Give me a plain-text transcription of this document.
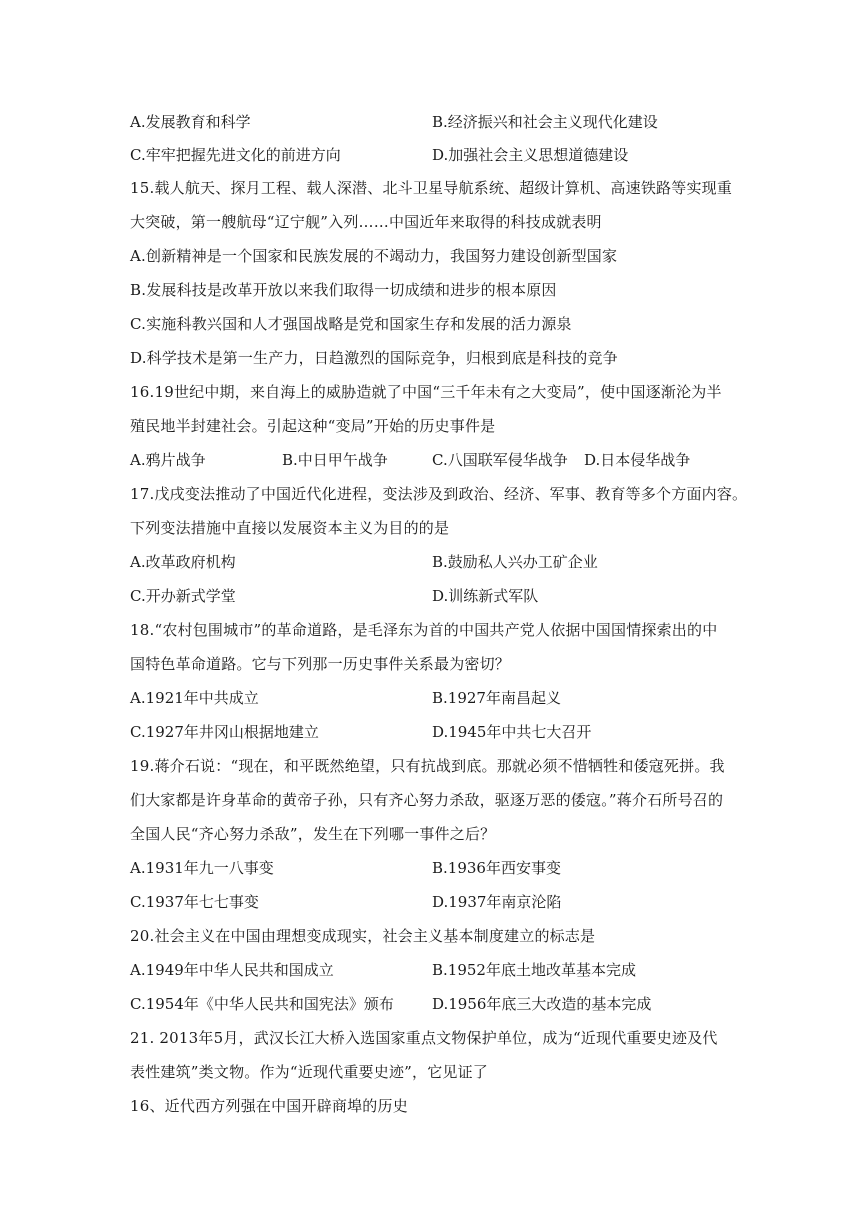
A.发展教育和科学	B.经济振兴和社会主义现代化建设
C.牢牢把握先进文化的前进方向	D.加强社会主义思想道德建设
15.载人航天、探月工程、载人深潜、北斗卫星导航系统、超级计算机、高速铁路等实现重
大突破，第一艘航母“辽宁舰”入列……中国近年来取得的科技成就表明
A.创新精神是一个国家和民族发展的不竭动力，我国努力建设创新型国家
B.发展科技是改革开放以来我们取得一切成绩和进步的根本原因
C.实施科教兴国和人才强国战略是党和国家生存和发展的活力源泉
D.科学技术是第一生产力，日趋激烈的国际竞争，归根到底是科技的竞争
16.19世纪中期，来自海上的威胁造就了中国“三千年未有之大变局”，使中国逐渐沦为半
殖民地半封建社会。引起这种“变局”开始的历史事件是
A.鸦片战争	B.中日甲午战争	C.八国联军侵华战争 D.日本侵华战争
17.戊戌变法推动了中国近代化进程，变法涉及到政治、经济、军事、教育等多个方面内容。
下列变法措施中直接以发展资本主义为目的的是
A.改革政府机构	B.鼓励私人兴办工矿企业
C.开办新式学堂	D.训练新式军队
18.“农村包围城市”的革命道路，是毛泽东为首的中国共产党人依据中国国情探索出的中
国特色革命道路。它与下列那一历史事件关系最为密切？
A.1921年中共成立	B.1927年南昌起义
C.1927年井冈山根据地建立	D.1945年中共七大召开
19.蒋介石说：“现在，和平既然绝望，只有抗战到底。那就必须不惜牺牲和倭寇死拼。我
们大家都是许身革命的黄帝子孙，只有齐心努力杀敌，驱逐万恶的倭寇。”蒋介石所号召的
全国人民“齐心努力杀敌”，发生在下列哪一事件之后？
A.1931年九一八事变	B.1936年西安事变
C.1937年七七事变	D.1937年南京沦陷
20.社会主义在中国由理想变成现实，社会主义基本制度建立的标志是
A.1949年中华人民共和国成立	B.1952年底土地改革基本完成
C.1954年《中华人民共和国宪法》颁布	D.1956年底三大改造的基本完成
21. 2013年5月，武汉长江大桥入选国家重点文物保护单位，成为“近现代重要史迹及代
表性建筑”类文物。作为“近现代重要史迹”，它见证了
16、近代西方列强在中国开辟商埠的历史
